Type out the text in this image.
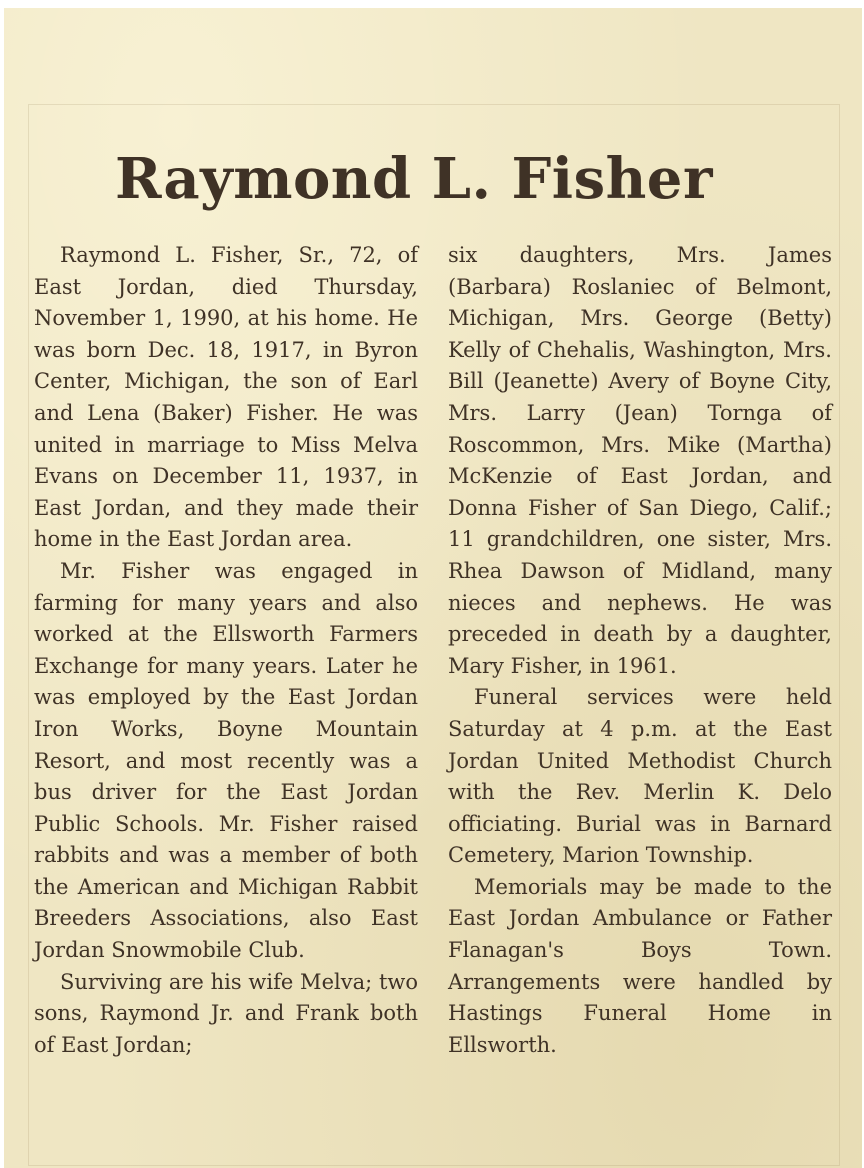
Raymond L. Fisher

Raymond L. Fisher, Sr., 72, of East Jordan, died Thursday, November 1, 1990, at his home. He was born Dec. 18, 1917, in Byron Center, Michigan, the son of Earl and Lena (Baker) Fisher. He was united in marriage to Miss Melva Evans on December 11, 1937, in East Jordan, and they made their home in the East Jordan area.

Mr. Fisher was engaged in farming for many years and also worked at the Ellsworth Farmers Exchange for many years. Later he was employed by the East Jordan Iron Works, Boyne Mountain Resort, and most recently was a bus driver for the East Jordan Public Schools. Mr. Fisher raised rabbits and was a member of both the American and Michigan Rabbit Breeders Associations, also East Jordan Snowmobile Club.

Surviving are his wife Melva; two sons, Raymond Jr. and Frank both of East Jordan;

six daughters, Mrs. James (Barbara) Roslaniec of Belmont, Michigan, Mrs. George (Betty) Kelly of Chehalis, Washington, Mrs. Bill (Jeanette) Avery of Boyne City, Mrs. Larry (Jean) Tornga of Roscommon, Mrs. Mike (Martha) McKenzie of East Jordan, and Donna Fisher of San Diego, Calif.; 11 grandchildren, one sister, Mrs. Rhea Dawson of Midland, many nieces and nephews. He was preceded in death by a daughter, Mary Fisher, in 1961.

Funeral services were held Saturday at 4 p.m. at the East Jordan United Methodist Church with the Rev. Merlin K. Delo officiating. Burial was in Barnard Cemetery, Marion Township.

Memorials may be made to the East Jordan Ambulance or Father Flanagan's Boys Town. Arrangements were handled by Hastings Funeral Home in Ellsworth.
